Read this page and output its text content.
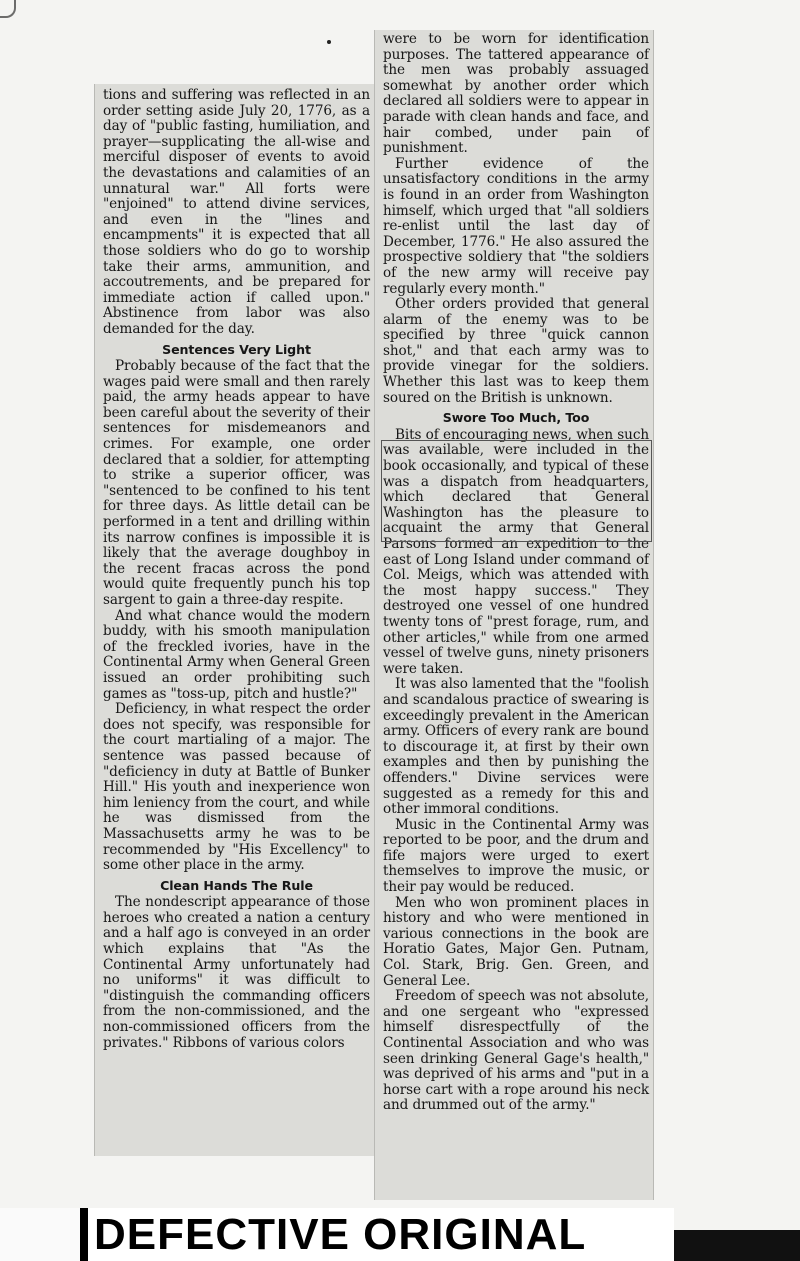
tions and suffering was reflected in an order setting aside July 20, 1776, as a day of "public fasting, humiliation, and prayer—supplicating the all-wise and merciful disposer of events to avoid the devastations and calamities of an unnatural war." All forts were "enjoined" to attend divine services, and even in the "lines and encampments" it is expected that all those soldiers who do go to worship take their arms, ammunition, and accoutrements, and be prepared for immediate action if called upon." Abstinence from labor was also demanded for the day.

Sentences Very Light

Probably because of the fact that the wages paid were small and then rarely paid, the army heads appear to have been careful about the severity of their sentences for misdemeanors and crimes. For example, one order declared that a soldier, for attempting to strike a superior officer, was "sentenced to be confined to his tent for three days. As little detail can be performed in a tent and drilling within its narrow confines is impossible it is likely that the average doughboy in the recent fracas across the pond would quite frequently punch his top sargent to gain a three-day respite.

And what chance would the modern buddy, with his smooth manipulation of the freckled ivories, have in the Continental Army when General Green issued an order prohibiting such games as "toss-up, pitch and hustle?"

Deficiency, in what respect the order does not specify, was responsible for the court martialing of a major. The sentence was passed because of "deficiency in duty at Battle of Bunker Hill." His youth and inexperience won him leniency from the court, and while he was dismissed from the Massachusetts army he was to be recommended by "His Excellency" to some other place in the army.

Clean Hands The Rule

The nondescript appearance of those heroes who created a nation a century and a half ago is conveyed in an order which explains that "As the Continental Army unfortunately had no uniforms" it was difficult to "distinguish the commanding officers from the non-commissioned, and the non-commissioned officers from the privates." Ribbons of various colors

were to be worn for identification purposes. The tattered appearance of the men was probably assuaged somewhat by another order which declared all soldiers were to appear in parade with clean hands and face, and hair combed, under pain of punishment.

Further evidence of the unsatisfactory conditions in the army is found in an order from Washington himself, which urged that "all soldiers re-enlist until the last day of December, 1776." He also assured the prospective soldiery that "the soldiers of the new army will receive pay regularly every month."

Other orders provided that general alarm of the enemy was to be specified by three "quick cannon shot," and that each army was to provide vinegar for the soldiers. Whether this last was to keep them soured on the British is unknown.

Swore Too Much, Too

Bits of encouraging news, when such was available, were included in the book occasionally, and typical of these was a dispatch from headquarters, which declared that General Washington has the pleasure to acquaint the army that General Parsons formed an expedition to the east of Long Island under command of Col. Meigs, which was attended with the most happy success." They destroyed one vessel of one hundred twenty tons of "prest forage, rum, and other articles," while from one armed vessel of twelve guns, ninety prisoners were taken.

It was also lamented that the "foolish and scandalous practice of swearing is exceedingly prevalent in the American army. Officers of every rank are bound to discourage it, at first by their own examples and then by punishing the offenders." Divine services were suggested as a remedy for this and other immoral conditions.

Music in the Continental Army was reported to be poor, and the drum and fife majors were urged to exert themselves to improve the music, or their pay would be reduced.

Men who won prominent places in history and who were mentioned in various connections in the book are Horatio Gates, Major Gen. Putnam, Col. Stark, Brig. Gen. Green, and General Lee.

Freedom of speech was not absolute, and one sergeant who "expressed himself disrespectfully of the Continental Association and who was seen drinking General Gage's health," was deprived of his arms and "put in a horse cart with a rope around his neck and drummed out of the army."

DEFECTIVE ORIGINAL
